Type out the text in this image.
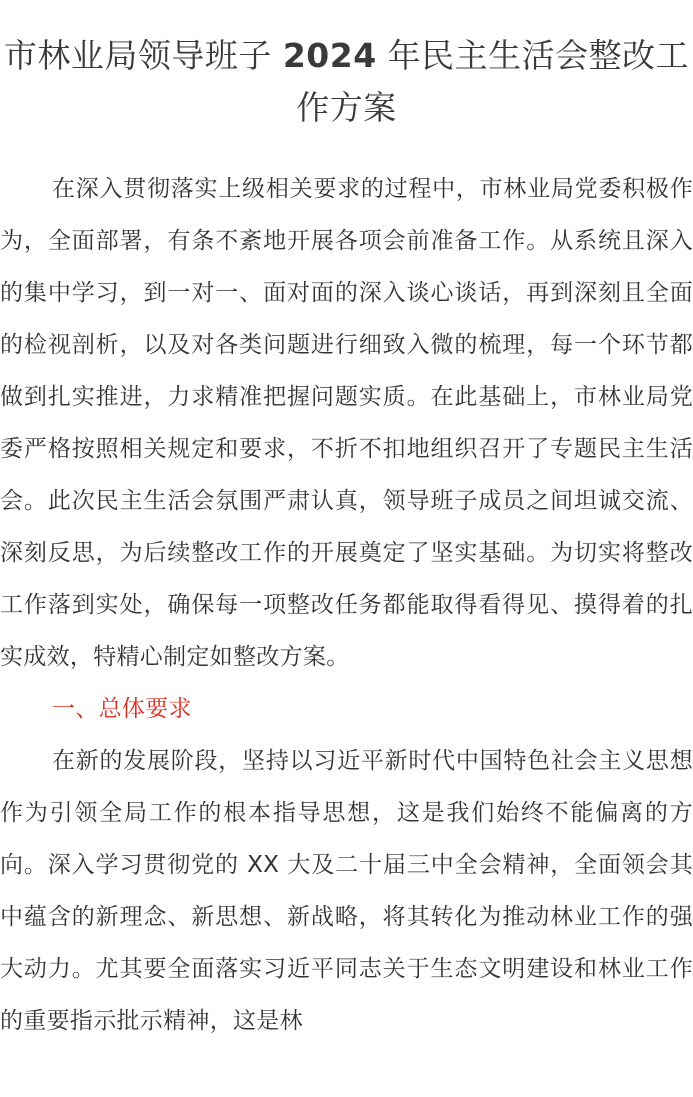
市林业局领导班子 2024 年民主生活会整改工作方案

在深入贯彻落实上级相关要求的过程中，市林业局党委积极作为，全面部署，有条不紊地开展各项会前准备工作。从系统且深入的集中学习，到一对一、面对面的深入谈心谈话，再到深刻且全面的检视剖析，以及对各类问题进行细致入微的梳理，每一个环节都做到扎实推进，力求精准把握问题实质。在此基础上，市林业局党委严格按照相关规定和要求，不折不扣地组织召开了专题民主生活会。此次民主生活会氛围严肃认真，领导班子成员之间坦诚交流、深刻反思，为后续整改工作的开展奠定了坚实基础。为切实将整改工作落到实处，确保每一项整改任务都能取得看得见、摸得着的扎实成效，特精心制定如整改方案。

一、总体要求

在新的发展阶段，坚持以习近平新时代中国特色社会主义思想作为引领全局工作的根本指导思想，这是我们始终不能偏离的方向。深入学习贯彻党的 XX 大及二十届三中全会精神，全面领会其中蕴含的新理念、新思想、新战略，将其转化为推动林业工作的强大动力。尤其要全面落实习近平同志关于生态文明建设和林业工作的重要指示批示精神，这是林
